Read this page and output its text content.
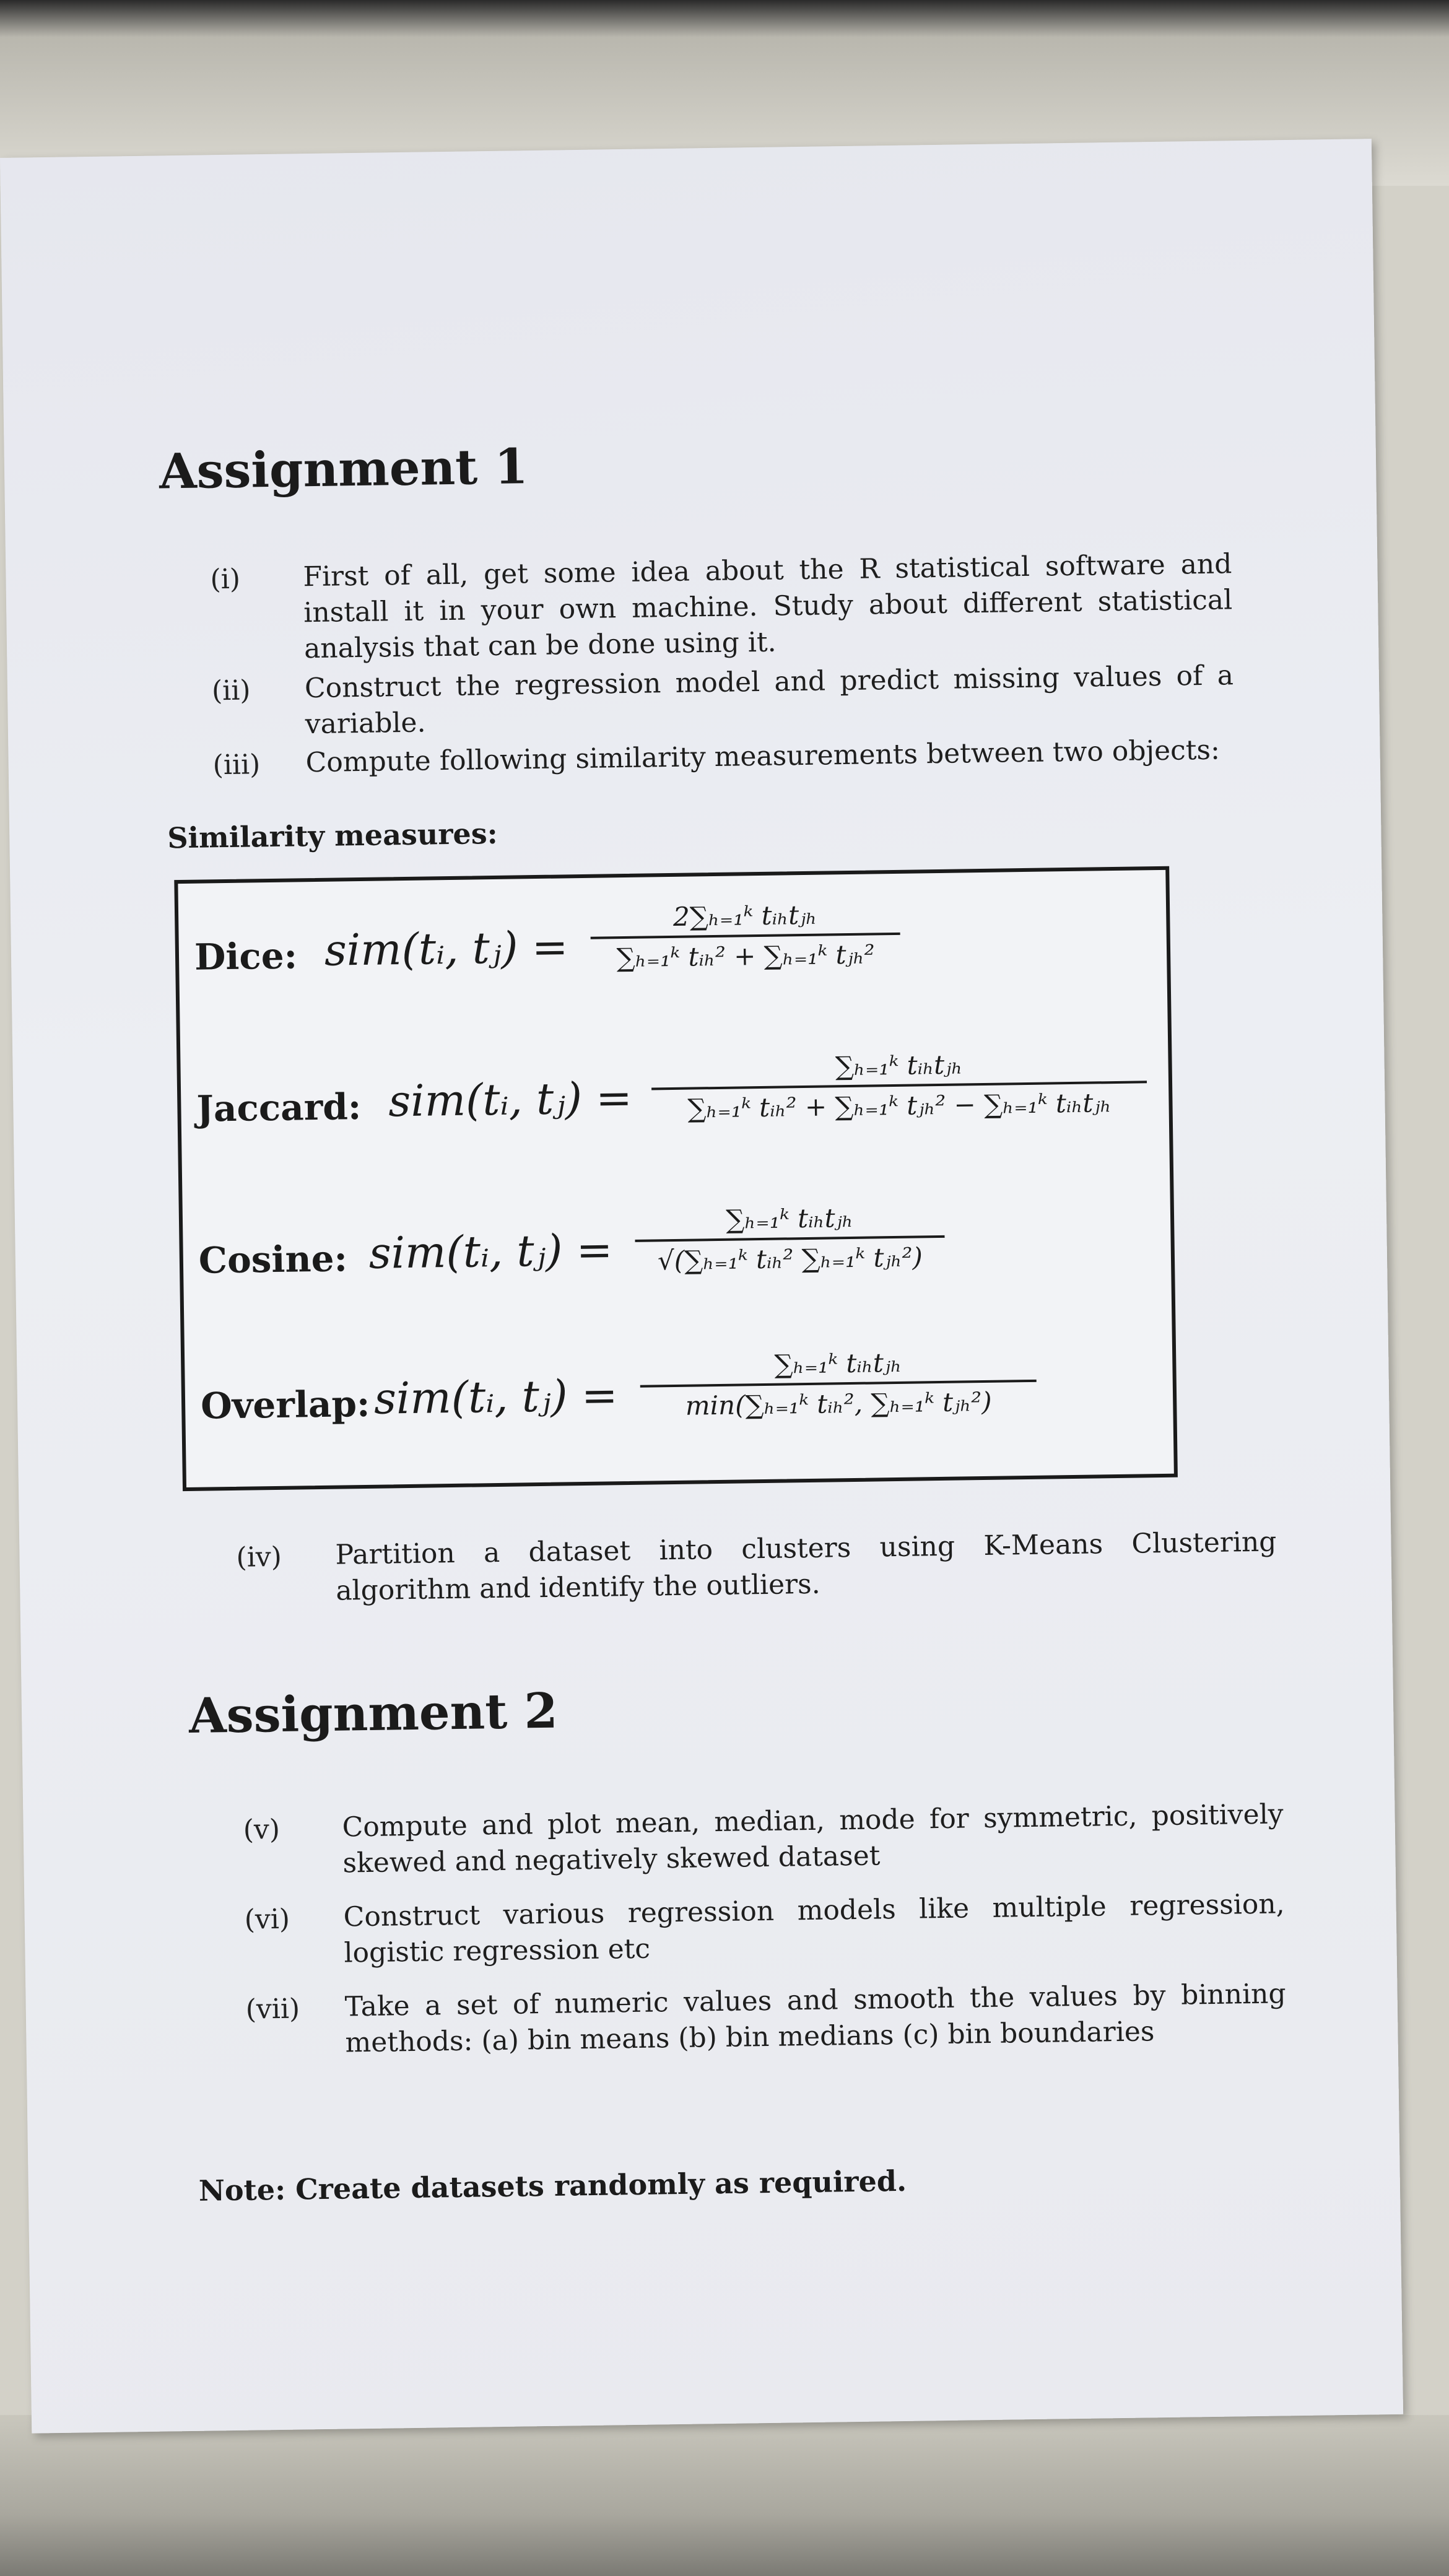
Assignment 1
(i) First of all, get some idea about the R statistical software and install it in your own machine. Study about different statistical analysis that can be done using it.
(ii) Construct the regression model and predict missing values of a variable.
(iii) Compute following similarity measurements between two objects:
Similarity measures:
Dice: sim(tᵢ, tⱼ) =
2∑ₕ₌₁ᵏ tᵢₕtⱼₕ
∑ₕ₌₁ᵏ tᵢₕ² + ∑ₕ₌₁ᵏ tⱼₕ²
Jaccard: sim(tᵢ, tⱼ) =
∑ₕ₌₁ᵏ tᵢₕtⱼₕ
∑ₕ₌₁ᵏ tᵢₕ² + ∑ₕ₌₁ᵏ tⱼₕ² − ∑ₕ₌₁ᵏ tᵢₕtⱼₕ
Cosine: sim(tᵢ, tⱼ) =
∑ₕ₌₁ᵏ tᵢₕtⱼₕ
√(∑ₕ₌₁ᵏ tᵢₕ² ∑ₕ₌₁ᵏ tⱼₕ²)
Overlap: sim(tᵢ, tⱼ) =
∑ₕ₌₁ᵏ tᵢₕtⱼₕ
min(∑ₕ₌₁ᵏ tᵢₕ², ∑ₕ₌₁ᵏ tⱼₕ²)
(iv) Partition a dataset into clusters using K-Means Clustering algorithm and identify the outliers.
Assignment 2
(v) Compute and plot mean, median, mode for symmetric, positively skewed and negatively skewed dataset
(vi) Construct various regression models like multiple regression, logistic regression etc
(vii) Take a set of numeric values and smooth the values by binning methods: (a) bin means (b) bin medians (c) bin boundaries
Note: Create datasets randomly as required.
